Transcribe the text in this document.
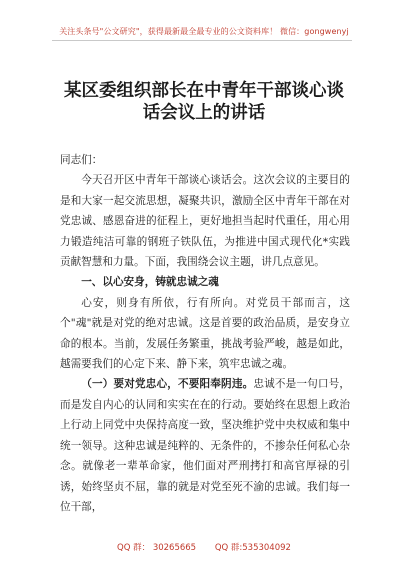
关注头条号"公文研究"，获得最新最全最专业的公文资料库！ 微信：gongwenyj
某区委组织部长在中青年干部谈心谈话会议上的讲话

同志们：

今天召开区中青年干部谈心谈话会。这次会议的主要目的是和大家一起交流思想，凝聚共识，激励全区中青年干部在对党忠诚、感恩奋进的征程上，更好地担当起时代重任，用心用力锻造纯洁可靠的钢班子铁队伍，为推进中国式现代化*实践贡献智慧和力量。下面，我围绕会议主题，讲几点意见。

一、以心安身，铸就忠诚之魂

心安，则身有所依，行有所向。对党员干部而言，这个"魂"就是对党的绝对忠诚。这是首要的政治品质，是安身立命的根本。当前，发展任务繁重，挑战考验严峻，越是如此，越需要我们的心定下来、静下来，筑牢忠诚之魂。

（一）要对党忠心，不要阳奉阴违。忠诚不是一句口号，而是发自内心的认同和实实在在的行动。要始终在思想上政治上行动上同党中央保持高度一致，坚决维护党中央权威和集中统一领导。这种忠诚是纯粹的、无条件的，不掺杂任何私心杂念。就像老一辈革命家，他们面对严刑拷打和高官厚禄的引诱，始终坚贞不屈，靠的就是对党至死不渝的忠诚。我们每一位干部，

QQ 群： 30265665 QQ 群:535304092
